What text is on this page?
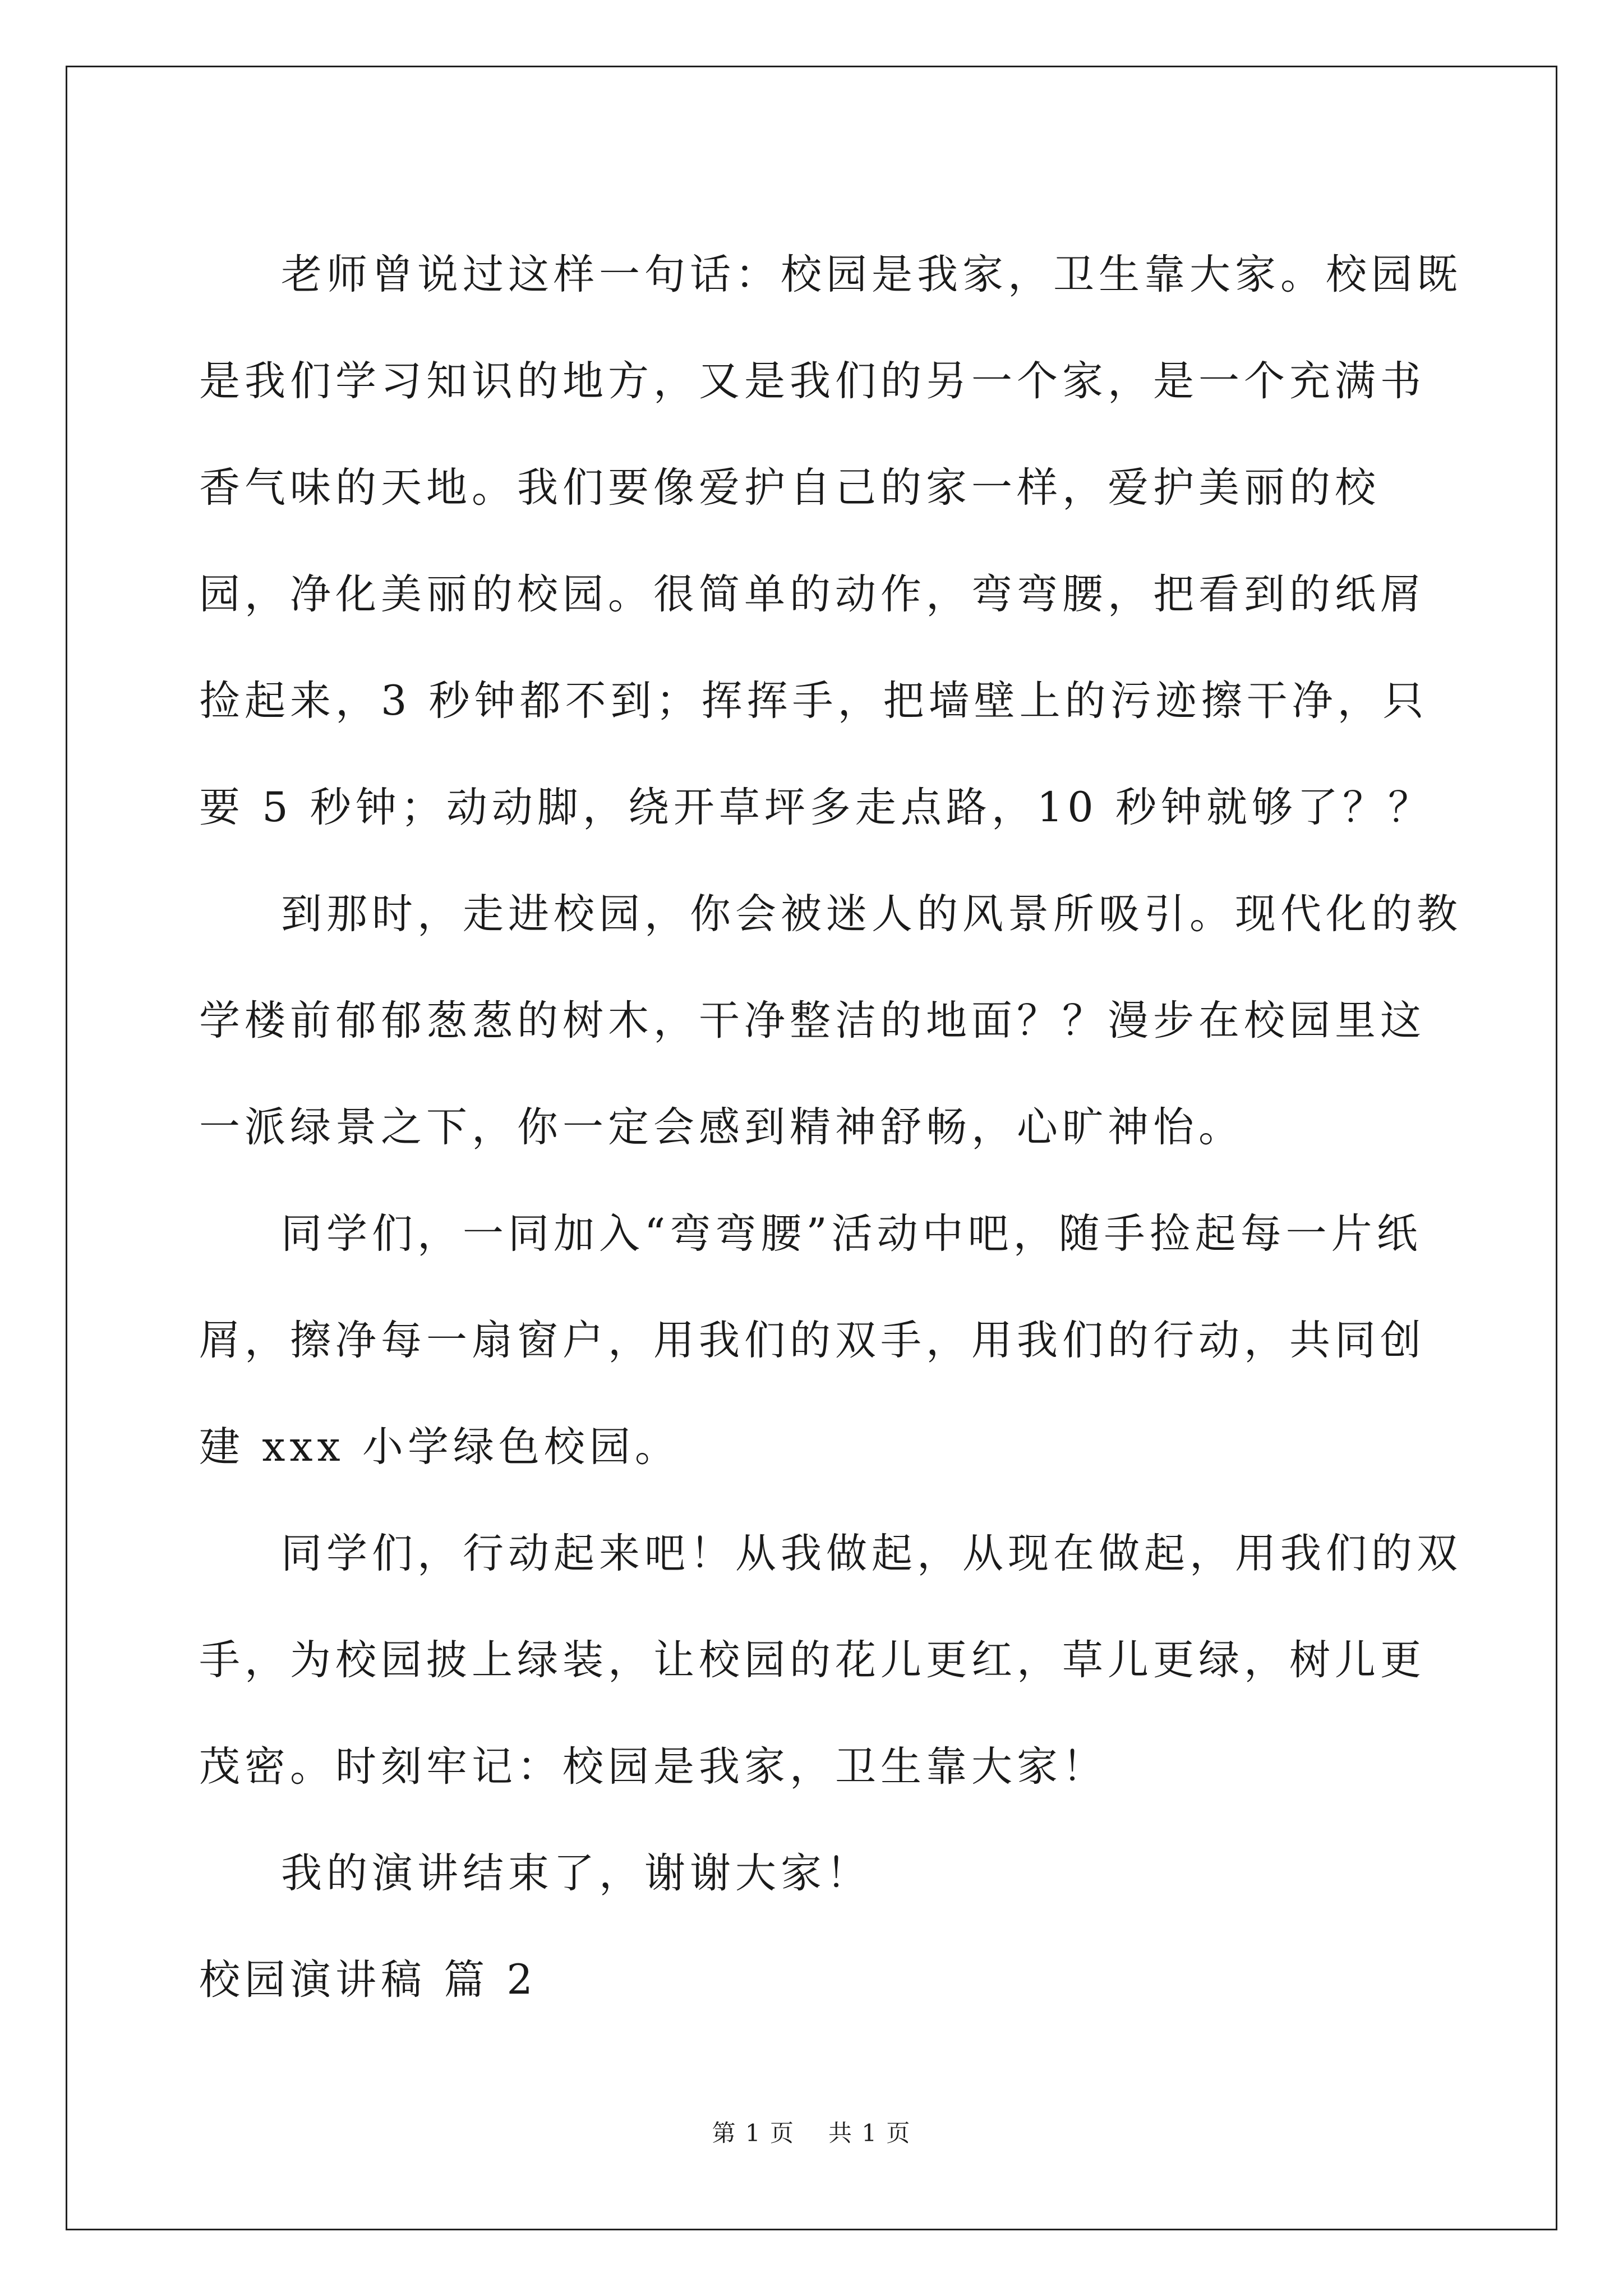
老师曾说过这样一句话：校园是我家，卫生靠大家。校园既是我们学习知识的地方，又是我们的另一个家，是一个充满书香气味的天地。我们要像爱护自己的家一样，爱护美丽的校园，净化美丽的校园。很简单的动作，弯弯腰，把看到的纸屑捡起来，3 秒钟都不到；挥挥手，把墙壁上的污迹擦干净，只要 5 秒钟；动动脚，绕开草坪多走点路，10 秒钟就够了？？

到那时，走进校园，你会被迷人的风景所吸引。现代化的教学楼前郁郁葱葱的树木，干净整洁的地面？？漫步在校园里这一派绿景之下，你一定会感到精神舒畅，心旷神怡。

同学们，一同加入“弯弯腰”活动中吧，随手捡起每一片纸屑，擦净每一扇窗户，用我们的双手，用我们的行动，共同创建 xxx 小学绿色校园。

同学们，行动起来吧！从我做起，从现在做起，用我们的双手，为校园披上绿装，让校园的花儿更红，草儿更绿，树儿更茂密。时刻牢记：校园是我家，卫生靠大家！

我的演讲结束了，谢谢大家！

校园演讲稿 篇 2

第 1 页 共 1 页
